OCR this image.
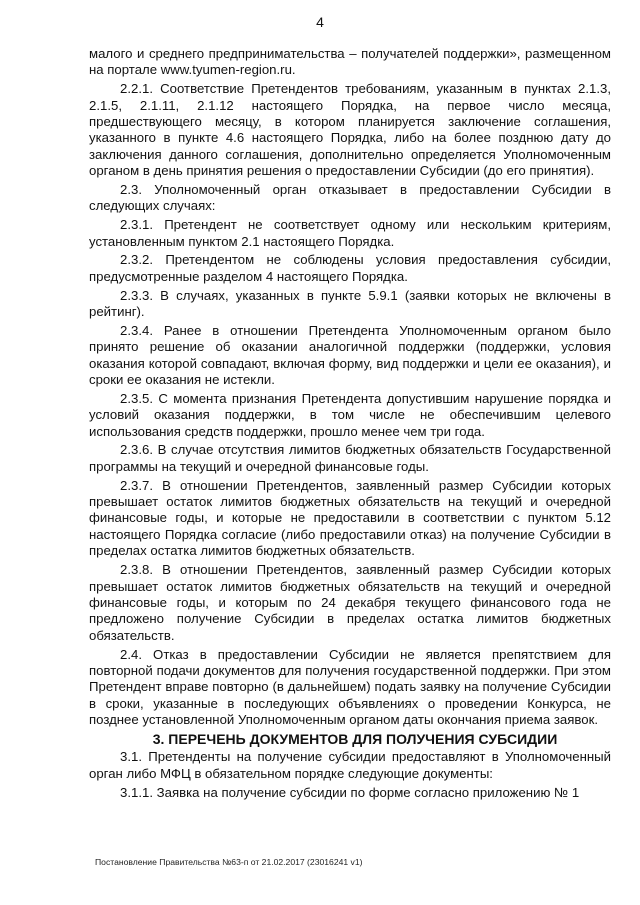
4

малого и среднего предпринимательства – получателей поддержки», размещенном на портале www.tyumen-region.ru.

2.2.1. Соответствие Претендентов требованиям, указанным в пунктах 2.1.3, 2.1.5, 2.1.11, 2.1.12 настоящего Порядка, на первое число месяца, предшествующего месяцу, в котором планируется заключение соглашения, указанного в пункте 4.6 настоящего Порядка, либо на более позднюю дату до заключения данного соглашения, дополнительно определяется Уполномоченным органом в день принятия решения о предоставлении Субсидии (до его принятия).

2.3. Уполномоченный орган отказывает в предоставлении Субсидии в следующих случаях:

2.3.1. Претендент не соответствует одному или нескольким критериям, установленным пунктом 2.1 настоящего Порядка.

2.3.2. Претендентом не соблюдены условия предоставления субсидии, предусмотренные разделом 4 настоящего Порядка.

2.3.3. В случаях, указанных в пункте 5.9.1 (заявки которых не включены в рейтинг).

2.3.4. Ранее в отношении Претендента Уполномоченным органом было принято решение об оказании аналогичной поддержки (поддержки, условия оказания которой совпадают, включая форму, вид поддержки и цели ее оказания), и сроки ее оказания не истекли.

2.3.5. С момента признания Претендента допустившим нарушение порядка и условий оказания поддержки, в том числе не обеспечившим целевого использования средств поддержки, прошло менее чем три года.

2.3.6. В случае отсутствия лимитов бюджетных обязательств Государственной программы на текущий и очередной финансовые годы.

2.3.7. В отношении Претендентов, заявленный размер Субсидии которых превышает остаток лимитов бюджетных обязательств на текущий и очередной финансовые годы, и которые не предоставили в соответствии с пунктом 5.12 настоящего Порядка согласие (либо предоставили отказ) на получение Субсидии в пределах остатка лимитов бюджетных обязательств.

2.3.8. В отношении Претендентов, заявленный размер Субсидии которых превышает остаток лимитов бюджетных обязательств на текущий и очередной финансовые годы, и которым по 24 декабря текущего финансового года не предложено получение Субсидии в пределах остатка лимитов бюджетных обязательств.

2.4. Отказ в предоставлении Субсидии не является препятствием для повторной подачи документов для получения государственной поддержки. При этом Претендент вправе повторно (в дальнейшем) подать заявку на получение Субсидии в сроки, указанные в последующих объявлениях о проведении Конкурса, не позднее установленной Уполномоченным органом даты окончания приема заявок.

3. ПЕРЕЧЕНЬ ДОКУМЕНТОВ ДЛЯ ПОЛУЧЕНИЯ СУБСИДИИ

3.1. Претенденты на получение субсидии предоставляют в Уполномоченный орган либо МФЦ в обязательном порядке следующие документы:

3.1.1. Заявка на получение субсидии по форме согласно приложению № 1

Постановление Правительства №63-п от 21.02.2017 (23016241 v1)
